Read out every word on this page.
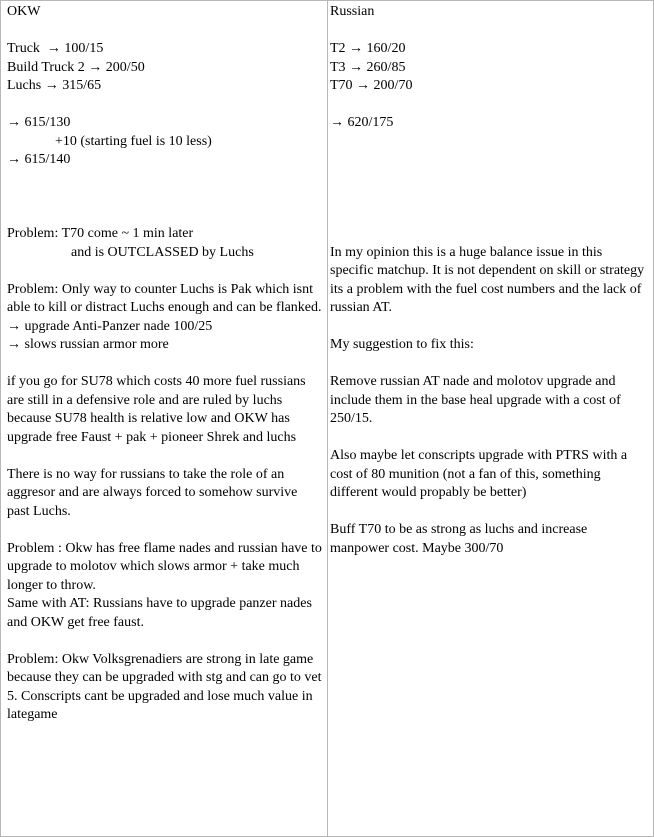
OKW
Truck  → 100/15
Build Truck 2 → 200/50
Luchs → 315/65
→ 615/130
+10 (starting fuel is 10 less)
→ 615/140
Problem: T70 come ~ 1 min later
and is OUTCLASSED by Luchs
Problem: Only way to counter Luchs is Pak which isnt able to kill or distract Luchs enough and can be flanked.
→ upgrade Anti-Panzer nade 100/25
→ slows russian armor more
if you go for SU78 which costs 40 more fuel russians are still in a defensive role and are ruled by luchs because SU78 health is relative low and OKW has upgrade free Faust + pak + pioneer Shrek and luchs
There is no way for russians to take the role of an aggresor and are always forced to somehow survive past Luchs.
Problem : Okw has free flame nades and russian have to upgrade to molotov which slows armor + take much longer to throw.
Same with AT: Russians have to upgrade panzer nades and OKW get free faust.
Problem: Okw Volksgrenadiers are strong in late game because they can be upgraded with stg and can go to vet 5. Conscripts cant be upgraded and lose much value in lategame
Russian
T2 → 160/20
T3 → 260/85
T70 → 200/70
→ 620/175
In my opinion this is a huge balance issue in this specific matchup. It is not dependent on skill or strategy its a problem with the fuel cost numbers and the lack of russian AT.
My suggestion to fix this:
Remove russian AT nade and molotov upgrade and include them in the base heal upgrade with a cost of 250/15.
Also maybe let conscripts upgrade with PTRS with a cost of 80 munition (not a fan of this, something different would propably be better)
Buff T70 to be as strong as luchs and increase manpower cost. Maybe 300/70
